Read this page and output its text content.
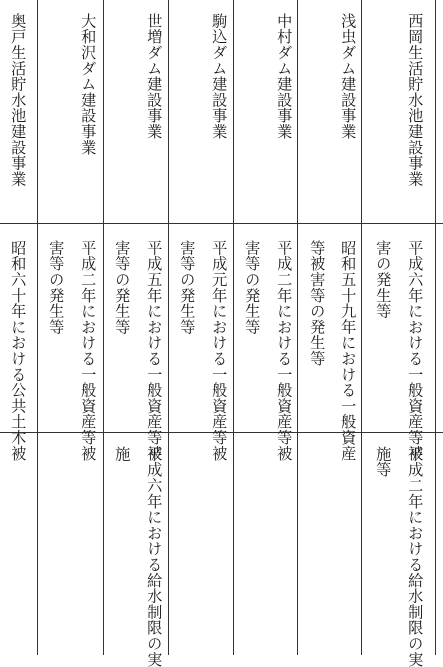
西岡生活貯水池建設事業
平成六年における一般資産等被
害の発生等
平成二年における給水制限の実
施等
浅虫ダム建設事業
昭和五十九年における一般資産
等被害等の発生等
中村ダム建設事業
平成二年における一般資産等被
害等の発生等
駒込ダム建設事業
平成元年における一般資産等被
害等の発生等
世増ダム建設事業
平成五年における一般資産等被
害等の発生等
平成六年における給水制限の実
施
大和沢ダム建設事業
平成二年における一般資産等被
害等の発生等
奥戸生活貯水池建設事業
昭和六十年における公共土木被
